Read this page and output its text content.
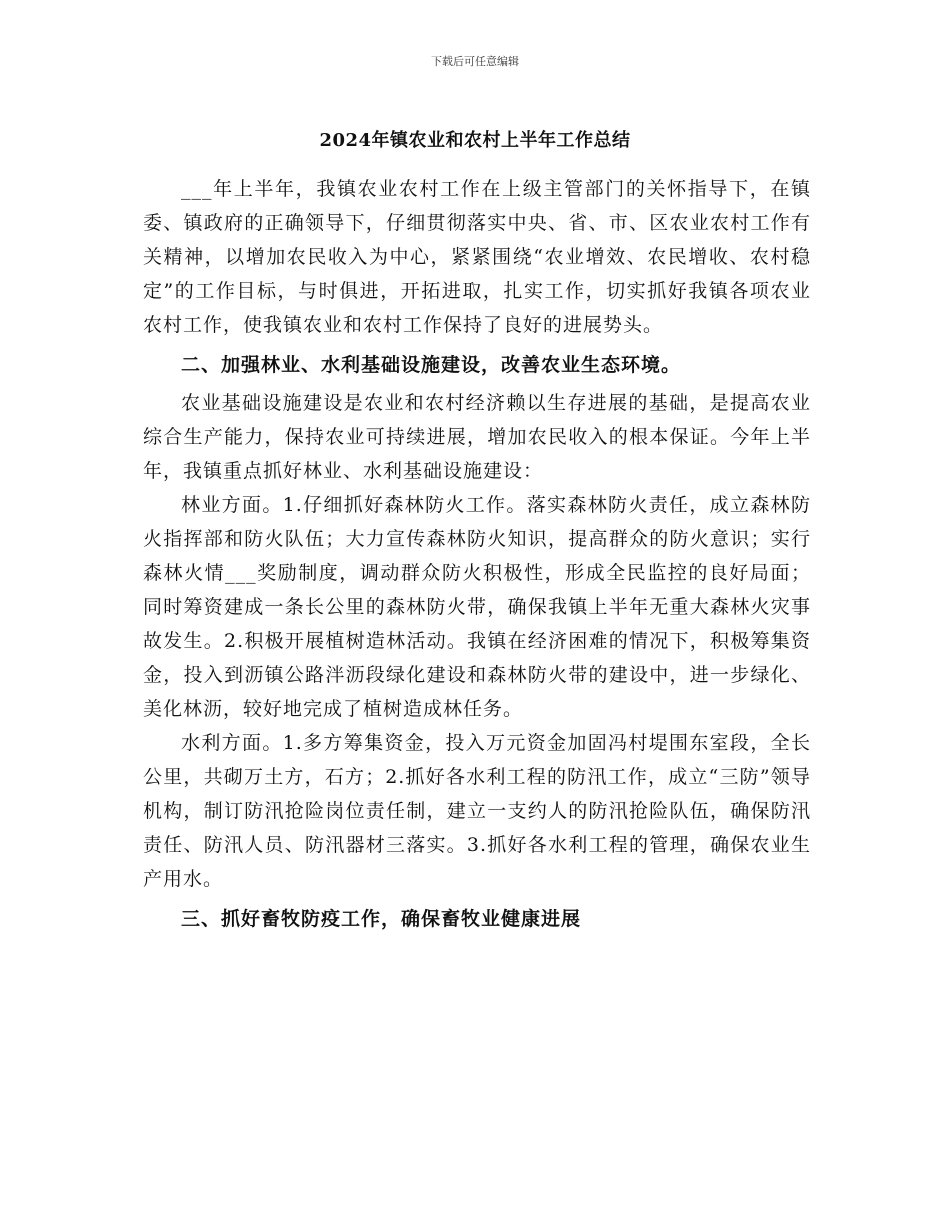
下载后可任意编辑
2024年镇农业和农村上半年工作总结

___年上半年，我镇农业农村工作在上级主管部门的关怀指导下，在镇委、镇政府的正确领导下，仔细贯彻落实中央、省、市、区农业农村工作有关精神，以增加农民收入为中心，紧紧围绕“农业增效、农民增收、农村稳定”的工作目标，与时俱进，开拓进取，扎实工作，切实抓好我镇各项农业农村工作，使我镇农业和农村工作保持了良好的进展势头。

二、加强林业、水利基础设施建设，改善农业生态环境。

农业基础设施建设是农业和农村经济赖以生存进展的基础，是提高农业综合生产能力，保持农业可持续进展，增加农民收入的根本保证。今年上半年，我镇重点抓好林业、水利基础设施建设：

林业方面。1.仔细抓好森林防火工作。落实森林防火责任，成立森林防火指挥部和防火队伍；大力宣传森林防火知识，提高群众的防火意识；实行森林火情___奖励制度，调动群众防火积极性，形成全民监控的良好局面；同时筹资建成一条长公里的森林防火带，确保我镇上半年无重大森林火灾事故发生。2.积极开展植树造林活动。我镇在经济困难的情况下，积极筹集资金，投入到沥镇公路泮沥段绿化建设和森林防火带的建设中，进一步绿化、美化林沥，较好地完成了植树造成林任务。

水利方面。1.多方筹集资金，投入万元资金加固冯村堤围东室段，全长公里，共砌万土方，石方；2.抓好各水利工程的防汛工作，成立“三防”领导机构，制订防汛抢险岗位责任制，建立一支约人的防汛抢险队伍，确保防汛责任、防汛人员、防汛器材三落实。3.抓好各水利工程的管理，确保农业生产用水。

三、抓好畜牧防疫工作，确保畜牧业健康进展
